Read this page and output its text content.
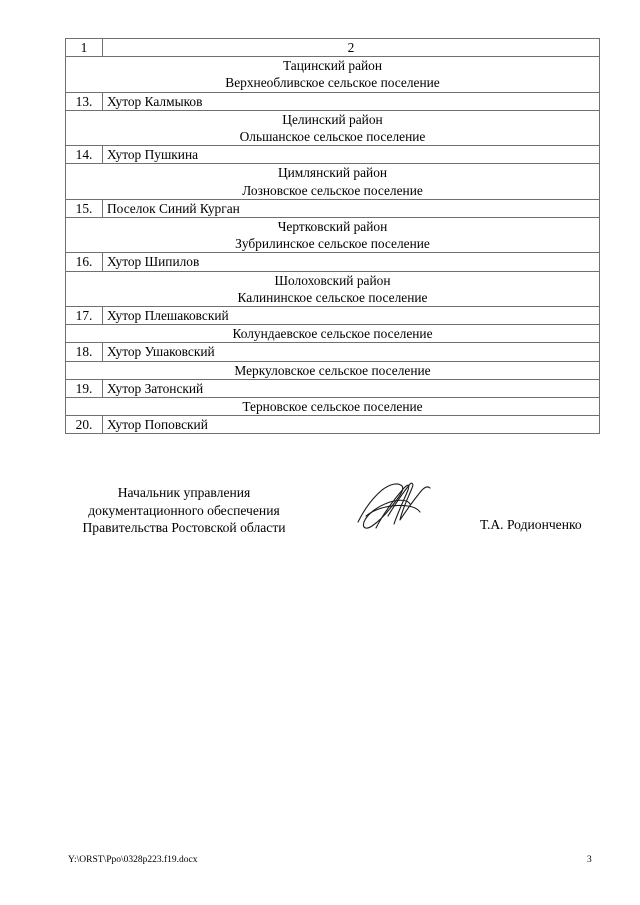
1	2

Тацинский район
Верхнеобливское сельское поселение	

13.	Хутор Калмыков

Целинский район
Ольшанское сельское поселение	

14.	Хутор Пушкина

Цимлянский район
Лозновское сельское поселение	

15.	Поселок Синий Курган

Чертковский район
Зубрилинское сельское поселение	

16.	Хутор Шипилов

Шолоховский район
Калининское сельское поселение	

17.	Хутор Плешаковский
Колундаевское сельское поселение	
18.	Хутор Ушаковский
Меркуловское сельское поселение	
19.	Хутор Затонский
Терновское сельское поселение	
20.	Хутор Поповский
Начальник управления
документационного обеспечения
Правительства Ростовской области	Т.А. Родионченко
Y:\ORST\Ppo\0328p223.f19.docx	3
